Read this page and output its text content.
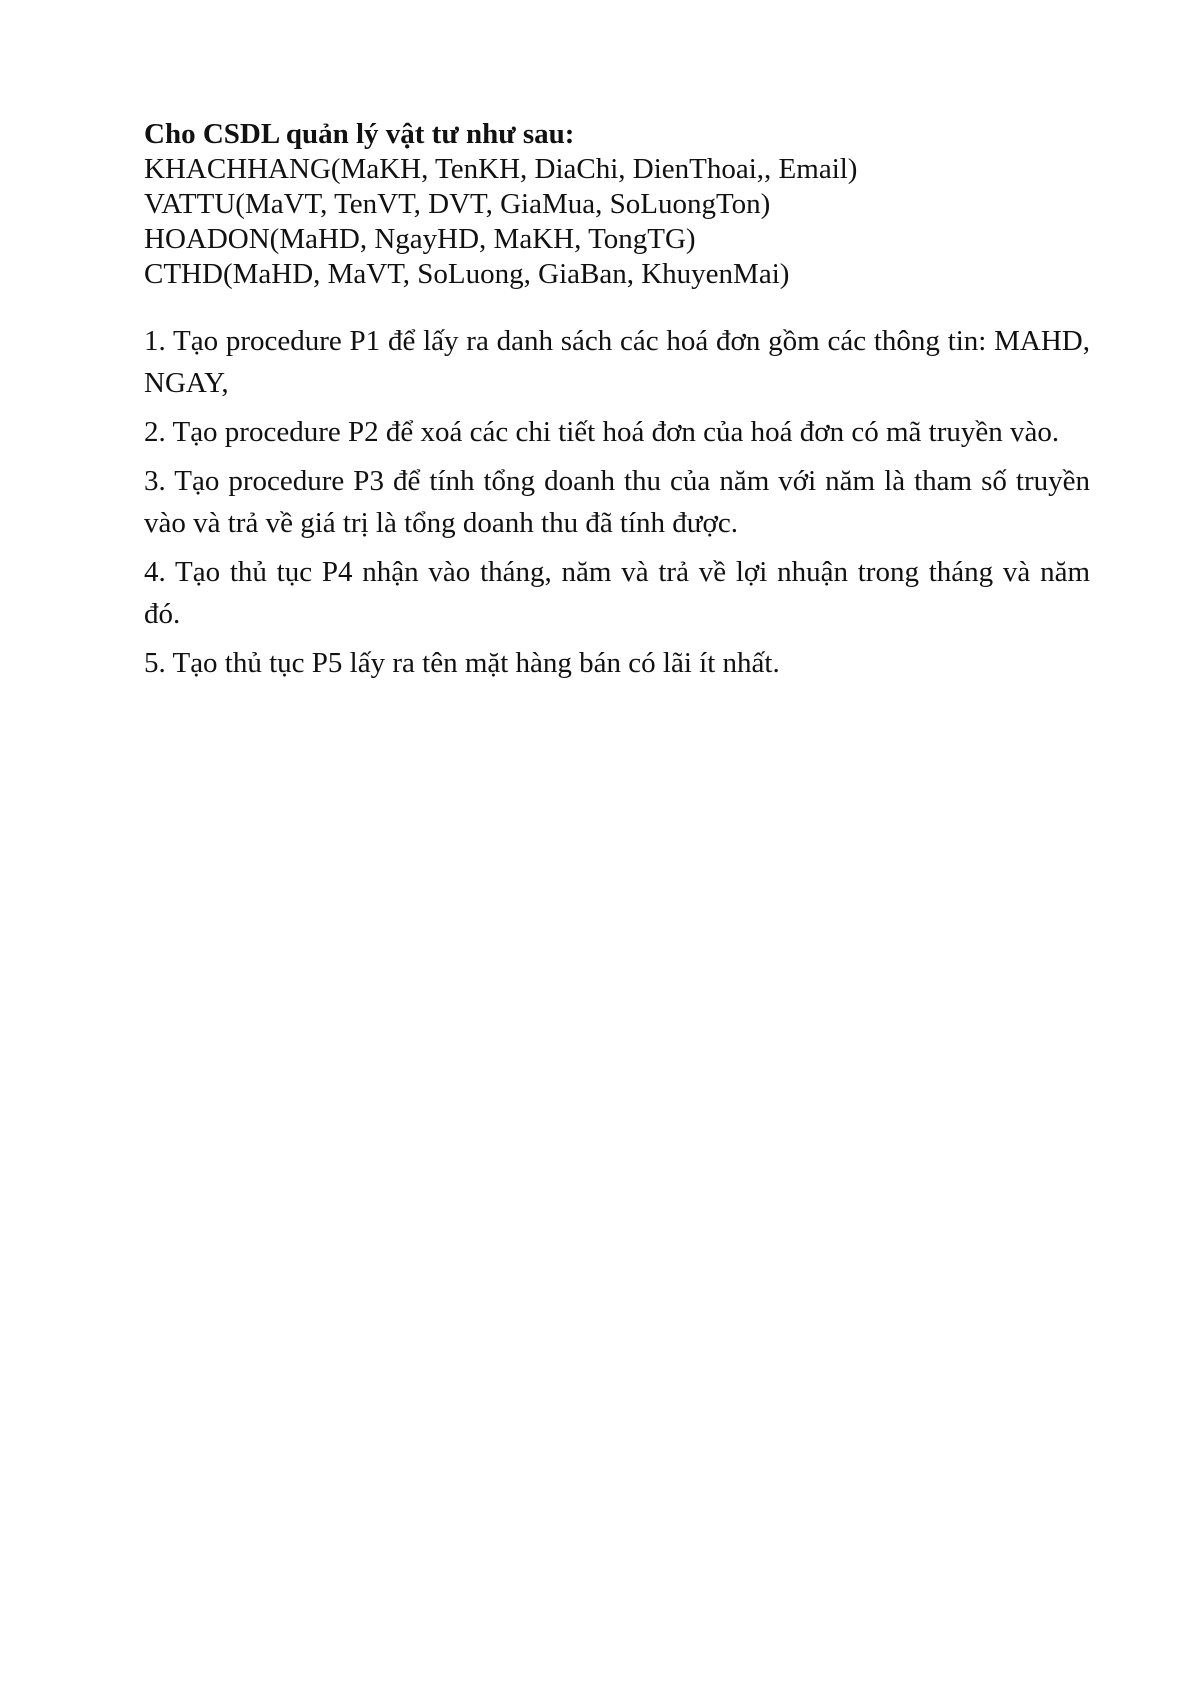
Cho CSDL quản lý vật tư như sau:

KHACHHANG(MaKH, TenKH, DiaChi, DienThoai,, Email)

VATTU(MaVT, TenVT, DVT, GiaMua, SoLuongTon)

HOADON(MaHD, NgayHD, MaKH, TongTG)

CTHD(MaHD, MaVT, SoLuong, GiaBan, KhuyenMai)

1. Tạo procedure P1 để lấy ra danh sách các hoá đơn gồm các thông tin: MAHD, NGAY,

2. Tạo procedure P2 để xoá các chi tiết hoá đơn của hoá đơn có mã truyền vào.

3. Tạo procedure P3 để tính tổng doanh thu của năm với năm là tham số truyền vào và trả về giá trị là tổng doanh thu đã tính được.

4. Tạo thủ tục P4 nhận vào tháng, năm và trả về lợi nhuận trong tháng và năm đó.

5. Tạo thủ tục P5 lấy ra tên mặt hàng bán có lãi ít nhất.
